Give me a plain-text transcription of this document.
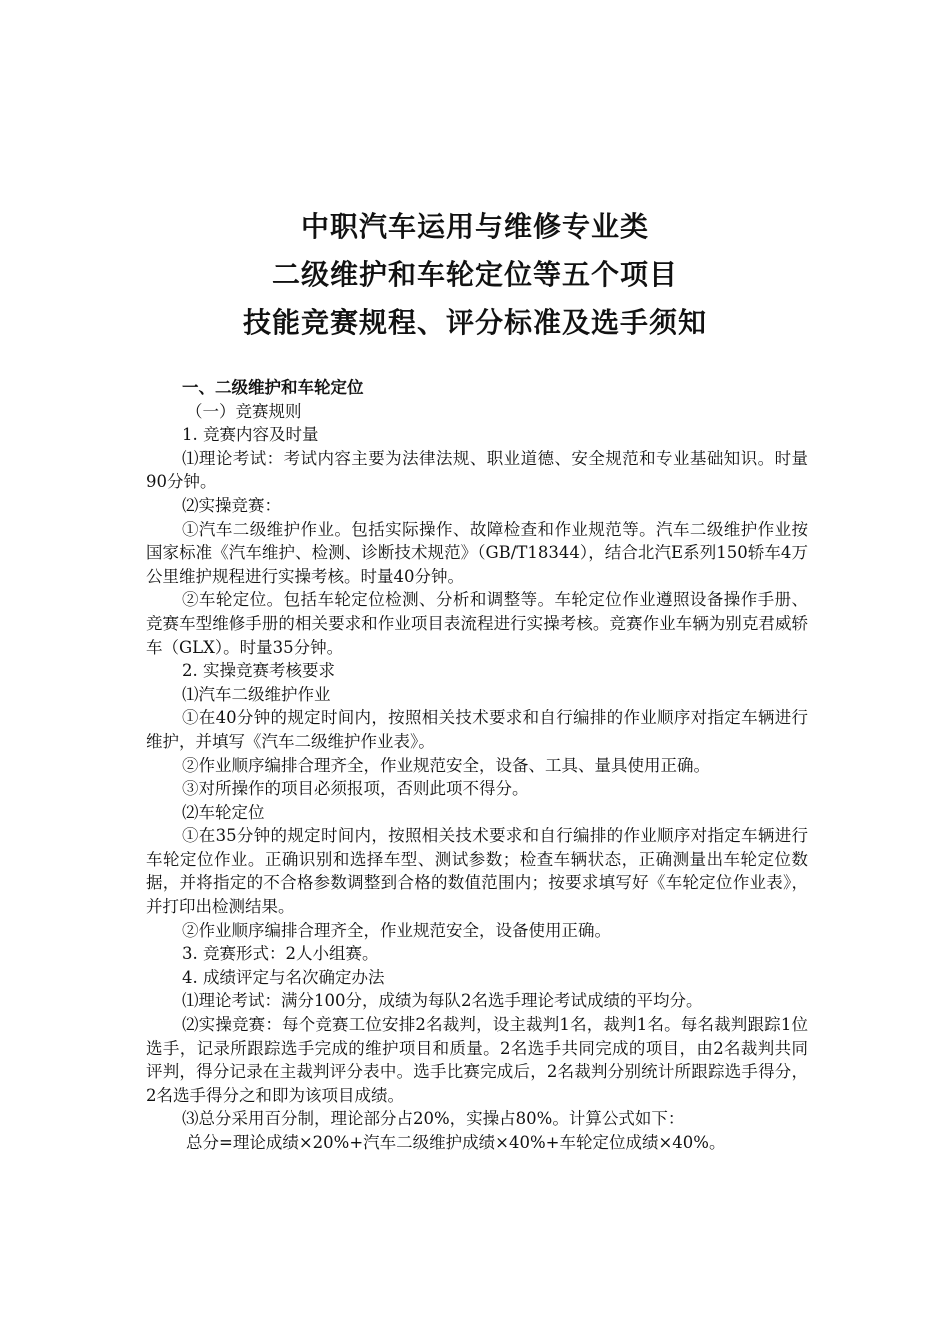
中职汽车运用与维修专业类
二级维护和车轮定位等五个项目
技能竞赛规程、评分标准及选手须知
一、二级维护和车轮定位
（一）竞赛规则
1. 竞赛内容及时量
⑴理论考试：考试内容主要为法律法规、职业道德、安全规范和专业基础知识。时量90分钟。
⑵实操竞赛：
①汽车二级维护作业。包括实际操作、故障检查和作业规范等。汽车二级维护作业按国家标准《汽车维护、检测、诊断技术规范》（GB/T18344），结合北汽E系列150轿车4万公里维护规程进行实操考核。时量40分钟。
②车轮定位。包括车轮定位检测、分析和调整等。车轮定位作业遵照设备操作手册、竞赛车型维修手册的相关要求和作业项目表流程进行实操考核。竞赛作业车辆为别克君威轿车（GLX）。时量35分钟。
2. 实操竞赛考核要求
⑴汽车二级维护作业
①在40分钟的规定时间内，按照相关技术要求和自行编排的作业顺序对指定车辆进行维护，并填写《汽车二级维护作业表》。
②作业顺序编排合理齐全，作业规范安全，设备、工具、量具使用正确。
③对所操作的项目必须报项，否则此项不得分。
⑵车轮定位
①在35分钟的规定时间内，按照相关技术要求和自行编排的作业顺序对指定车辆进行车轮定位作业。正确识别和选择车型、测试参数；检查车辆状态，正确测量出车轮定位数据，并将指定的不合格参数调整到合格的数值范围内；按要求填写好《车轮定位作业表》，并打印出检测结果。
②作业顺序编排合理齐全，作业规范安全，设备使用正确。
3. 竞赛形式：2人小组赛。
4. 成绩评定与名次确定办法
⑴理论考试：满分100分，成绩为每队2名选手理论考试成绩的平均分。
⑵实操竞赛：每个竞赛工位安排2名裁判，设主裁判1名，裁判1名。每名裁判跟踪1位选手，记录所跟踪选手完成的维护项目和质量。2名选手共同完成的项目，由2名裁判共同评判，得分记录在主裁判评分表中。选手比赛完成后，2名裁判分别统计所跟踪选手得分，2名选手得分之和即为该项目成绩。
⑶总分采用百分制，理论部分占20%，实操占80%。计算公式如下：
总分=理论成绩×20%+汽车二级维护成绩×40%+车轮定位成绩×40%。
